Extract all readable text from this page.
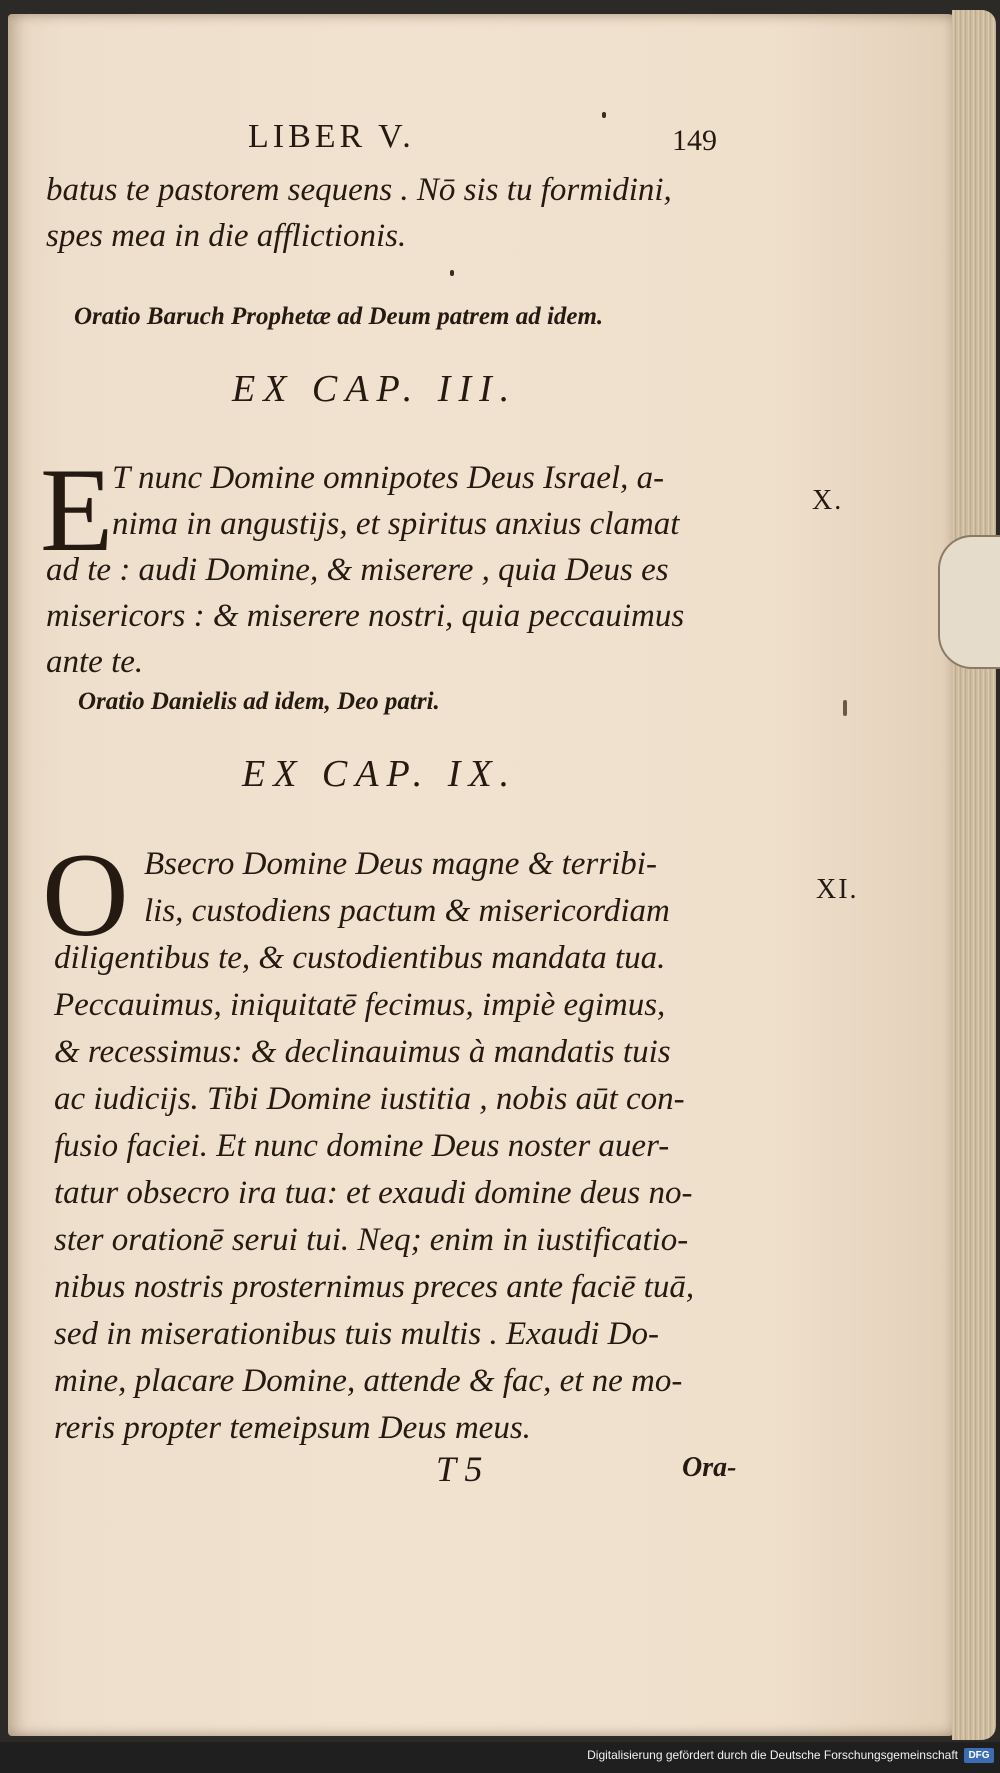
LIBER V.	149
batus te pastorem sequens . Nō sis tu formidini,
spes mea in die afflictionis.
Oratio Baruch Prophetæ ad Deum patrem ad idem.
EX CAP. III.
E
T nunc Domine omnipotes Deus Israel, a-
nima in angustijs, et spiritus anxius clamat
ad te : audi Domine, & miserere , quia Deus es
misericors : & miserere nostri, quia peccauimus
ante te.
X.
Oratio Danielis ad idem, Deo patri.
EX CAP. IX.
O Bsecro Domine Deus magne & terribi-
lis, custodiens pactum & misericordiam
diligentibus te, & custodientibus mandata tua.
Peccauimus, iniquitatē fecimus, impiè egimus,
& recessimus: & declinauimus à mandatis tuis
ac iudicijs. Tibi Domine iustitia , nobis aūt con-
fusio faciei. Et nunc domine Deus noster auer-
tatur obsecro ira tua: et exaudi domine deus no-
ster orationē serui tui. Neq; enim in iustificatio-
nibus nostris prosternimus preces ante faciē tuā,
sed in miserationibus tuis multis . Exaudi Do-
mine, placare Domine, attende & fac, et ne mo-
reris propter temeipsum Deus meus.
XI.
T 5	Ora-
Digitalisierung gefördert durch die Deutsche Forschungsgemeinschaft	DFG
